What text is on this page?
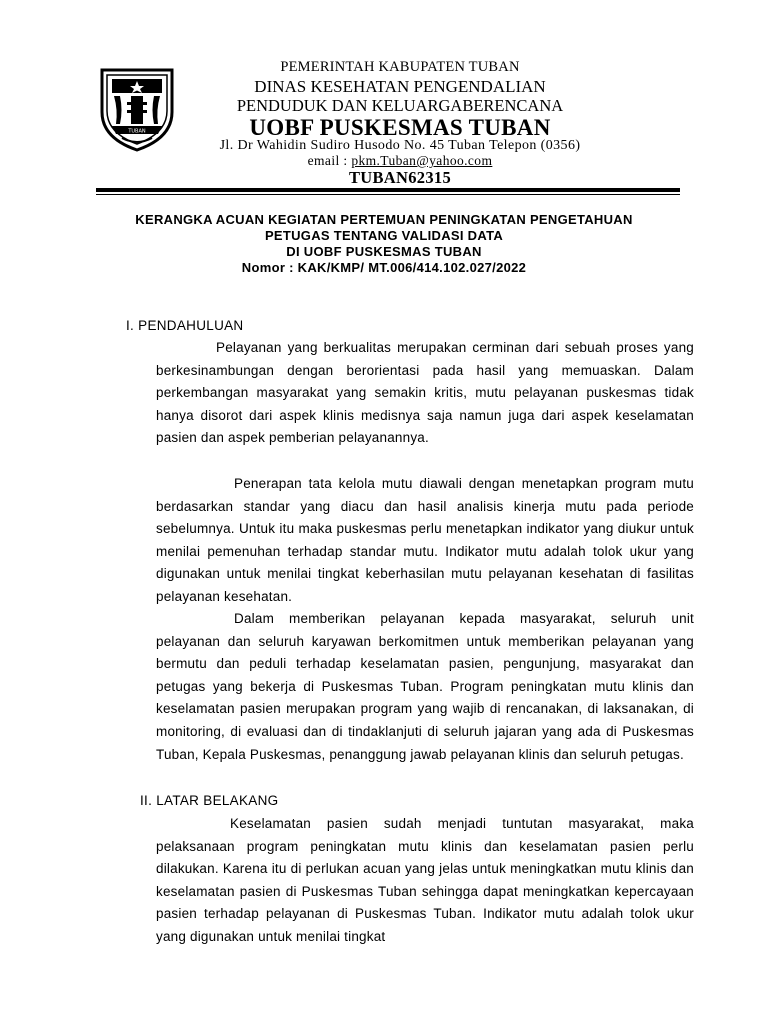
TUBAN
PEMERINTAH KABUPATEN TUBAN
DINAS KESEHATAN PENGENDALIAN
PENDUDUK DAN KELUARGABERENCANA
UOBF PUSKESMAS TUBAN
Jl. Dr Wahidin Sudiro Husodo No. 45 Tuban Telepon (0356)
email : pkm.Tuban@yahoo.com
TUBAN62315
KERANGKA ACUAN KEGIATAN PERTEMUAN PENINGKATAN PENGETAHUAN
PETUGAS TENTANG VALIDASI DATA
DI UOBF PUSKESMAS TUBAN
Nomor : KAK/KMP/ MT.006/414.102.027/2022
I. PENDAHULUAN
Pelayanan yang berkualitas merupakan cerminan dari sebuah proses yang berkesinambungan dengan berorientasi pada hasil yang memuaskan. Dalam perkembangan masyarakat yang semakin kritis, mutu pelayanan puskesmas tidak hanya disorot dari aspek klinis medisnya saja namun juga dari aspek keselamatan pasien dan aspek pemberian pelayanannya.
Penerapan tata kelola mutu diawali dengan menetapkan program mutu berdasarkan standar yang diacu dan hasil analisis kinerja mutu pada periode sebelumnya. Untuk itu maka puskesmas perlu menetapkan indikator yang diukur untuk menilai pemenuhan terhadap standar mutu. Indikator mutu adalah tolok ukur yang digunakan untuk menilai tingkat keberhasilan mutu pelayanan kesehatan di fasilitas pelayanan kesehatan.
Dalam memberikan pelayanan kepada masyarakat, seluruh unit pelayanan dan seluruh karyawan berkomitmen untuk memberikan pelayanan yang bermutu dan peduli terhadap keselamatan pasien, pengunjung, masyarakat dan petugas yang bekerja di Puskesmas Tuban. Program peningkatan mutu klinis dan keselamatan pasien merupakan program yang wajib di rencanakan, di laksanakan, di monitoring, di evaluasi dan di tindaklanjuti di seluruh jajaran yang ada di Puskesmas Tuban, Kepala Puskesmas, penanggung jawab pelayanan klinis dan seluruh petugas.
II. LATAR BELAKANG
Keselamatan pasien sudah menjadi tuntutan masyarakat, maka pelaksanaan program peningkatan mutu klinis dan keselamatan pasien perlu dilakukan. Karena itu di perlukan acuan yang jelas untuk meningkatkan mutu klinis dan keselamatan pasien di Puskesmas Tuban sehingga dapat meningkatkan kepercayaan pasien terhadap pelayanan di Puskesmas Tuban. Indikator mutu adalah tolok ukur yang digunakan untuk menilai tingkat
